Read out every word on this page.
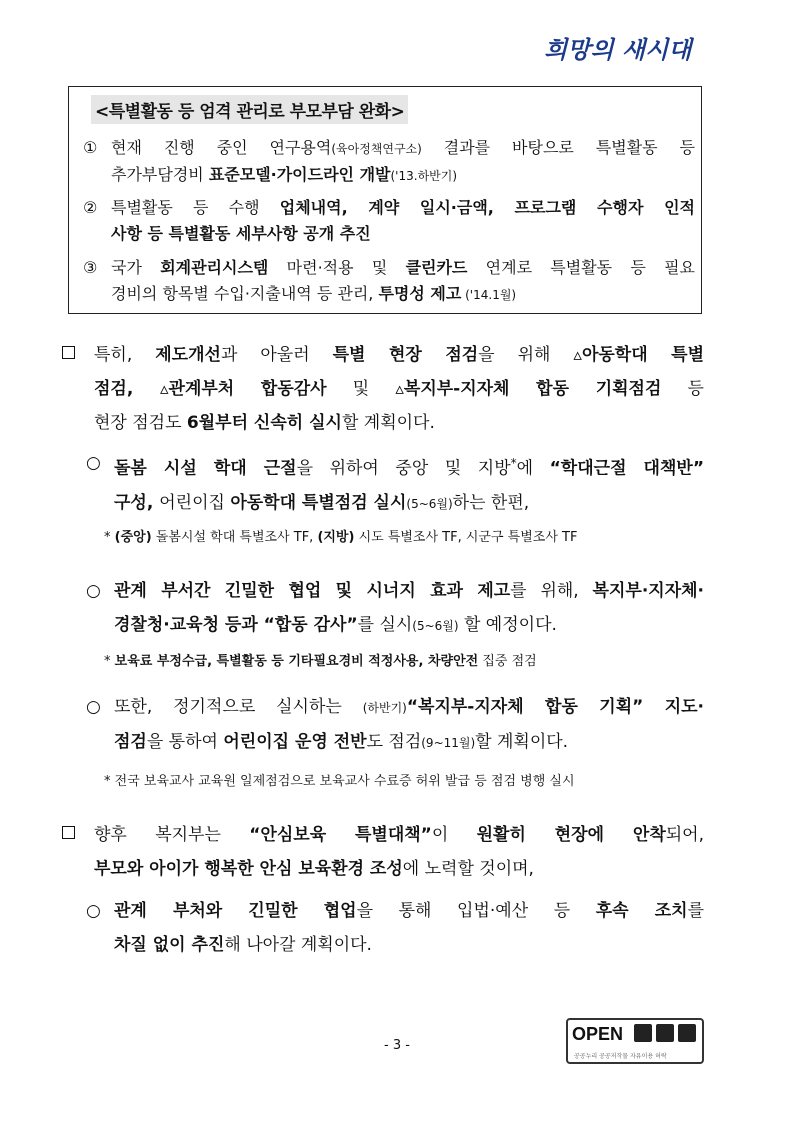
희망의 새시대
<특별활동 등 엄격 관리로 부모부담 완화>
① 현재 진행 중인 연구용역(육아정책연구소) 결과를 바탕으로 특별활동 등
추가부담경비 표준모델·가이드라인 개발('13.하반기)
② 특별활동 등 수행 업체내역, 계약 일시·금액, 프로그램 수행자 인적
사항 등 특별활동 세부사항 공개 추진
③ 국가 회계관리시스템 마련·적용 및 클린카드 연계로 특별활동 등 필요
경비의 항목별 수입·지출내역 등 관리, 투명성 제고 ('14.1월)
특히, 제도개선과 아울러 특별 현장 점검을 위해 ▵아동학대 특별
점검, ▵관계부처 합동감사 및 ▵복지부-지자체 합동 기획점검 등
현장 점검도 6월부터 신속히 실시할 계획이다.
○ 돌봄 시설 학대 근절을 위하여 중앙 및 지방*에 “학대근절 대책반”
구성, 어린이집 아동학대 특별점검 실시(5~6월)하는 한편,
* (중앙) 돌봄시설 학대 특별조사 TF, (지방) 시도 특별조사 TF, 시군구 특별조사 TF
○ 관계 부서간 긴밀한 협업 및 시너지 효과 제고를 위해, 복지부·지자체·
경찰청·교육청 등과 “합동 감사”를 실시(5~6월) 할 예정이다.
* 보육료 부정수급, 특별활동 등 기타필요경비 적정사용, 차량안전 집중 점검
○ 또한, 정기적으로 실시하는 (하반기)“복지부-지자체 합동 기획” 지도·
점검을 통하여 어린이집 운영 전반도 점검(9~11월)할 계획이다.
* 전국 보육교사 교육원 일제점검으로 보육교사 수료증 허위 발급 등 점검 병행 실시
향후 복지부는 “안심보육 특별대책”이 원활히 현장에 안착되어,
부모와 아이가 행복한 안심 보육환경 조성에 노력할 것이며,
○ 관계 부처와 긴밀한 협업을 통해 입법·예산 등 후속 조치를
차질 없이 추진해 나아갈 계획이다.
- 3 -
OPEN
공공누리 공공저작물 자유이용 허락
